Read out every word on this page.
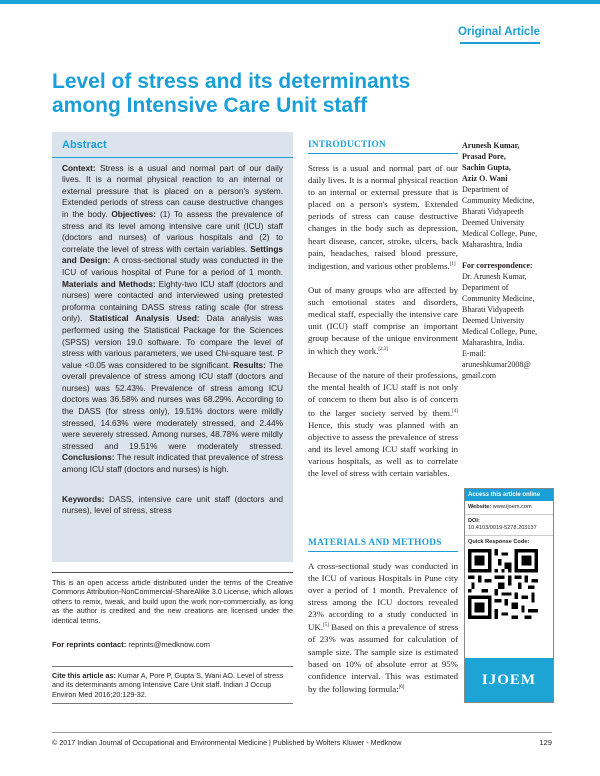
Original Article
Level of stress and its determinants among Intensive Care Unit staff
Abstract
Context: Stress is a usual and normal part of our daily lives. It is a normal physical reaction to an internal or external pressure that is placed on a person's system. Extended periods of stress can cause destructive changes in the body. Objectives: (1) To assess the prevalence of stress and its level among intensive care unit (ICU) staff (doctors and nurses) of various hospitals and (2) to correlate the level of stress with certain variables. Settings and Design: A cross-sectional study was conducted in the ICU of various hospital of Pune for a period of 1 month. Materials and Methods: Eighty-two ICU staff (doctors and nurses) were contacted and interviewed using pretested proforma containing DASS stress rating scale (for stress only). Statistical Analysis Used: Data analysis was performed using the Statistical Package for the Sciences (SPSS) version 19.0 software. To compare the level of stress with various parameters, we used Chi-square test. P value <0.05 was considered to be significant. Results: The overall prevalence of stress among ICU staff (doctors and nurses) was 52.43%. Prevalence of stress among ICU doctors was 36.58% and nurses was 68.29%. According to the DASS (for stress only), 19.51% doctors were mildly stressed, 14.63% were moderately stressed, and 2.44% were severely stressed. Among nurses, 48.78% were mildly stressed and 19.51% were moderately stressed. Conclusions: The result indicated that prevalence of stress among ICU staff (doctors and nurses) is high.
Keywords: DASS, intensive care unit staff (doctors and nurses), level of stress, stress
This is an open access article distributed under the terms of the Creative Commons Attribution-NonCommercial-ShareAlike 3.0 License, which allows others to remix, tweak, and build upon the work non-commercially, as long as the author is credited and the new creations are licensed under the identical terms.
For reprints contact: reprints@medknow.com
Cite this article as: Kumar A, Pore P, Gupta S, Wani AO. Level of stress and its determinants among Intensive Care Unit staff. Indian J Occup Environ Med 2016;20:129-32.
INTRODUCTION

Stress is a usual and normal part of our daily lives. It is a normal physical reaction to an internal or external pressure that is placed on a person's system. Extended periods of stress can cause destructive changes in the body such as depression, heart disease, cancer, stroke, ulcers, back pain, headaches, raised blood pressure, indigestion, and various other problems.[1]

Out of many groups who are affected by such emotional states and disorders, medical staff, especially the intensive care unit (ICU) staff comprise an important group because of the unique environment in which they work.[2,3]

Because of the nature of their professions, the mental health of ICU staff is not only of concern to them but also is of concern to the larger society served by them.[4] Hence, this study was planned with an objective to assess the prevalence of stress and its level among ICU staff working in various hospitals, as well as to correlate the level of stress with certain variables.

MATERIALS AND METHODS

A cross-sectional study was conducted in the ICU of various Hospitals in Pune city over a period of 1 month. Prevalence of stress among the ICU doctors revealed 23% according to a study conducted in UK.[5] Based on this a prevalence of stress of 23% was assumed for calculation of sample size. The sample size is estimated based on 10% of absolute error at 95% confidence interval. This was estimated by the following formula:[6]

Arunesh Kumar,
Prasad Pore,
Sachin Gupta,
Aziz O. Wani
Department of
Community Medicine,
Bharati Vidyapeeth
Deemed University
Medical College, Pune,
Maharashtra, India
For correspondence:
Dr. Arunesh Kumar,
Department of
Community Medicine,
Bharati Vidyapeeth
Deemed University
Medical College, Pune,
Maharashtra, India.
E-mail:
aruneshkumar2008@
gmail.com
Access this article online
Website: www.ijoem.com
DOI:
10.4103/0019-5278.203137
Quick Response Code:
IJOEM
© 2017 Indian Journal of Occupational and Environmental Medicine | Published by Wolters Kluwer - Medknow	129
